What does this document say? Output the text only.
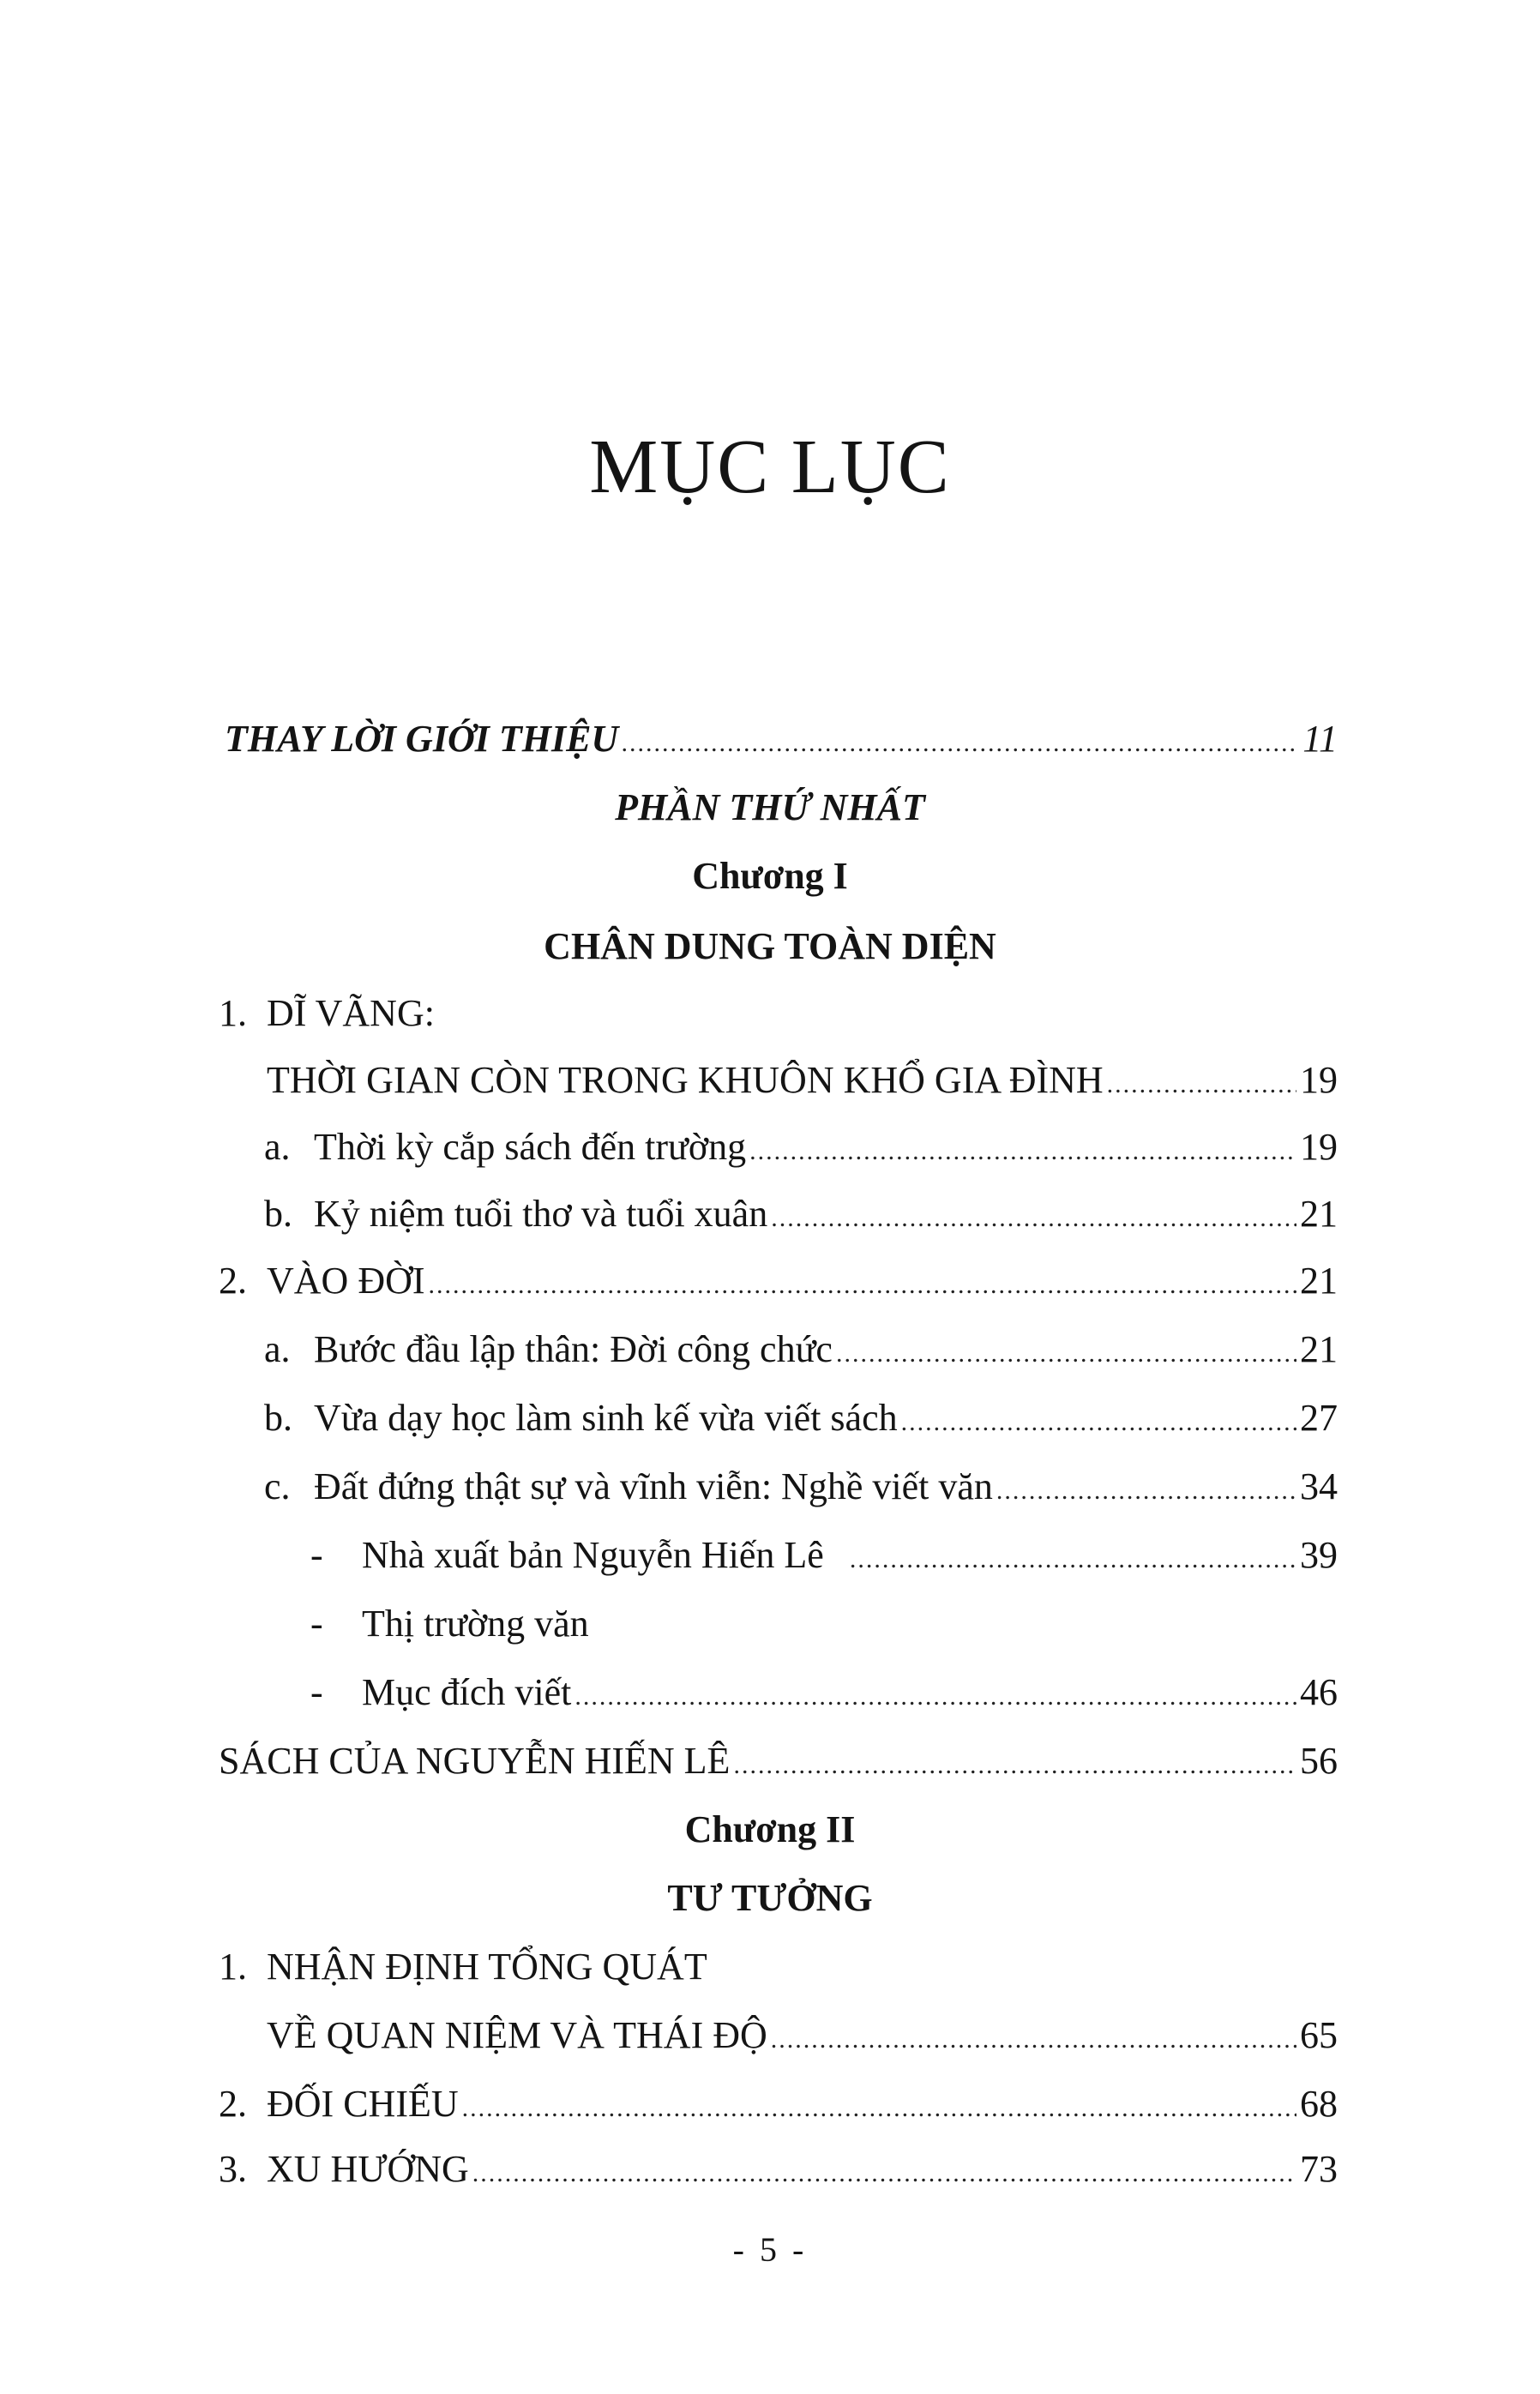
MỤC LỤC
THAY LỜI GIỚI THIỆU .....	11
PHẦN THỨ NHẤT
Chương I
CHÂN DUNG TOÀN DIỆN
1. DĨ VÃNG:
THỜI GIAN CÒN TRONG KHUÔN KHỔ GIA ĐÌNH .....	19
a. Thời kỳ cắp sách đến trường .....	19
b. Kỷ niệm tuổi thơ và tuổi xuân .....	21
2. VÀO ĐỜI .....	21
a. Bước đầu lập thân: Đời công chức .....	21
b. Vừa dạy học làm sinh kế vừa viết sách .....	27
c. Đất đứng thật sự và vĩnh viễn: Nghề viết văn .....	34
-	Nhà xuất bản Nguyễn Hiến Lê .....	39
-	Thị trường văn
-	Mục đích viết .....	46
SÁCH CỦA NGUYỄN HIẾN LÊ .....	56
Chương II
TƯ TƯỞNG
1. NHẬN ĐỊNH TỔNG QUÁT
VỀ QUAN NIỆM VÀ THÁI ĐỘ .....	65
2. ĐỐI CHIẾU .....	68
3. XU HƯỚNG .....	73
- 5 -
